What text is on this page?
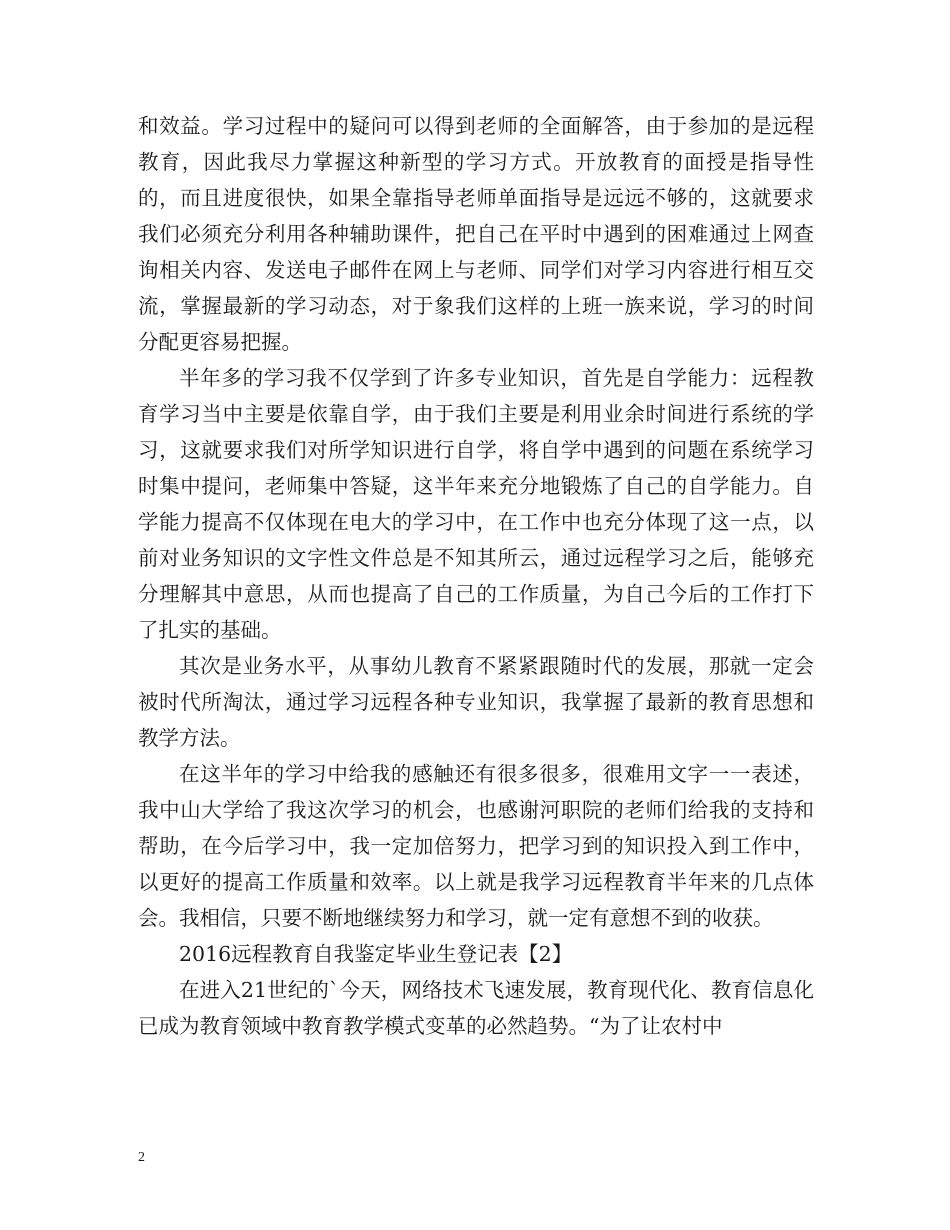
和效益。学习过程中的疑问可以得到老师的全面解答，由于参加的是远程教育，因此我尽力掌握这种新型的学习方式。开放教育的面授是指导性的，而且进度很快，如果全靠指导老师单面指导是远远不够的，这就要求我们必须充分利用各种辅助课件，把自己在平时中遇到的困难通过上网查询相关内容、发送电子邮件在网上与老师、同学们对学习内容进行相互交流，掌握最新的学习动态，对于象我们这样的上班一族来说，学习的时间分配更容易把握。

半年多的学习我不仅学到了许多专业知识，首先是自学能力：远程教育学习当中主要是依靠自学，由于我们主要是利用业余时间进行系统的学习，这就要求我们对所学知识进行自学，将自学中遇到的问题在系统学习时集中提问，老师集中答疑，这半年来充分地锻炼了自己的自学能力。自学能力提高不仅体现在电大的学习中，在工作中也充分体现了这一点，以前对业务知识的文字性文件总是不知其所云，通过远程学习之后，能够充分理解其中意思，从而也提高了自己的工作质量，为自己今后的工作打下了扎实的基础。

其次是业务水平，从事幼儿教育不紧紧跟随时代的发展，那就一定会被时代所淘汰，通过学习远程各种专业知识，我掌握了最新的教育思想和教学方法。

在这半年的学习中给我的感触还有很多很多，很难用文字一一表述，我中山大学给了我这次学习的机会，也感谢河职院的老师们给我的支持和帮助，在今后学习中，我一定加倍努力，把学习到的知识投入到工作中，以更好的提高工作质量和效率。以上就是我学习远程教育半年来的几点体会。我相信，只要不断地继续努力和学习，就一定有意想不到的收获。

2016远程教育自我鉴定毕业生登记表【2】

在进入21世纪的`今天，网络技术飞速发展，教育现代化、教育信息化已成为教育领域中教育教学模式变革的必然趋势。“为了让农村中

2
